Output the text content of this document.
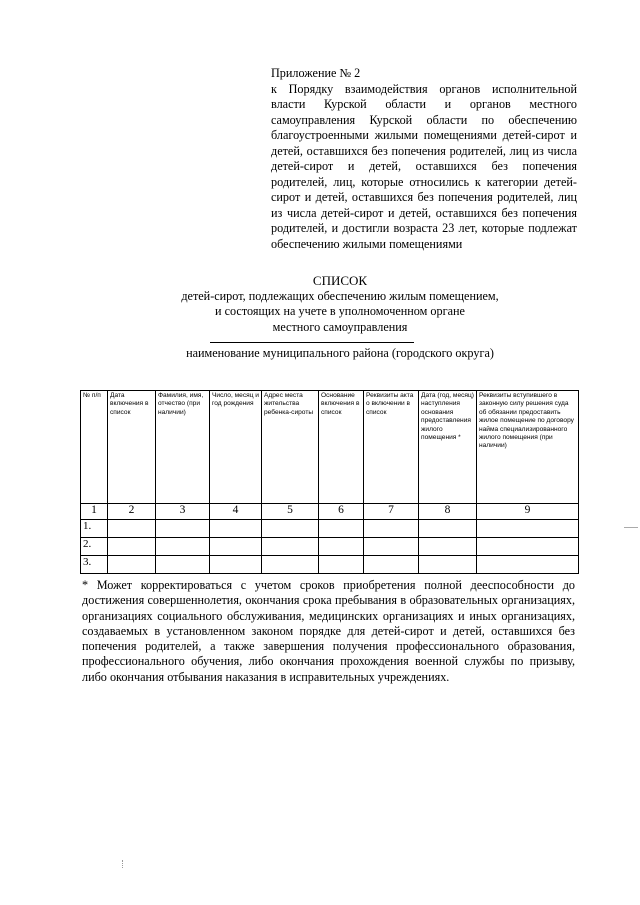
Приложение № 2
к Порядку взаимодействия органов исполнительной власти Курской области и органов местного самоуправления Курской области по обеспечению благоустроенными жилыми помещениями детей-сирот и детей, оставшихся без попечения родителей, лиц из числа детей-сирот и детей, оставшихся без попечения родителей, лиц, которые относились к категории детей-сирот и детей, оставшихся без попечения родителей, лиц из числа детей-сирот и детей, оставшихся без попечения родителей, и достигли возраста 23 лет, которые подлежат обеспечению жилыми помещениями
СПИСОК
детей-сирот, подлежащих обеспечению жилым помещением,
и состоящих на учете в уполномоченном органе
местного самоуправления
наименование муниципального района (городского округа)
№ п/п	Дата включения в список	Фамилия, имя, отчество (при наличии)	Число, месяц и год рождения	Адрес места жительства ребенка-сироты	Основание включения в список	Реквизиты акта о включении в список	Дата (год, месяц) наступления основания предоставления жилого помещения *	Реквизиты вступившего в законную силу решения суда об обязании предоставить жилое помещение по договору найма специализированного жилого помещения (при наличии)
1	2	3	4	5	6	7	8	9
1.								
2.								
3.								
* Может корректироваться с учетом сроков приобретения полной дееспособности до достижения совершеннолетия, окончания срока пребывания в образовательных организациях, организациях социального обслуживания, медицинских организациях и иных организациях, создаваемых в установленном законом порядке для детей-сирот и детей, оставшихся без попечения родителей, а также завершения получения профессионального образования, профессионального обучения, либо окончания прохождения военной службы по призыву, либо окончания отбывания наказания в исправительных учреждениях.
